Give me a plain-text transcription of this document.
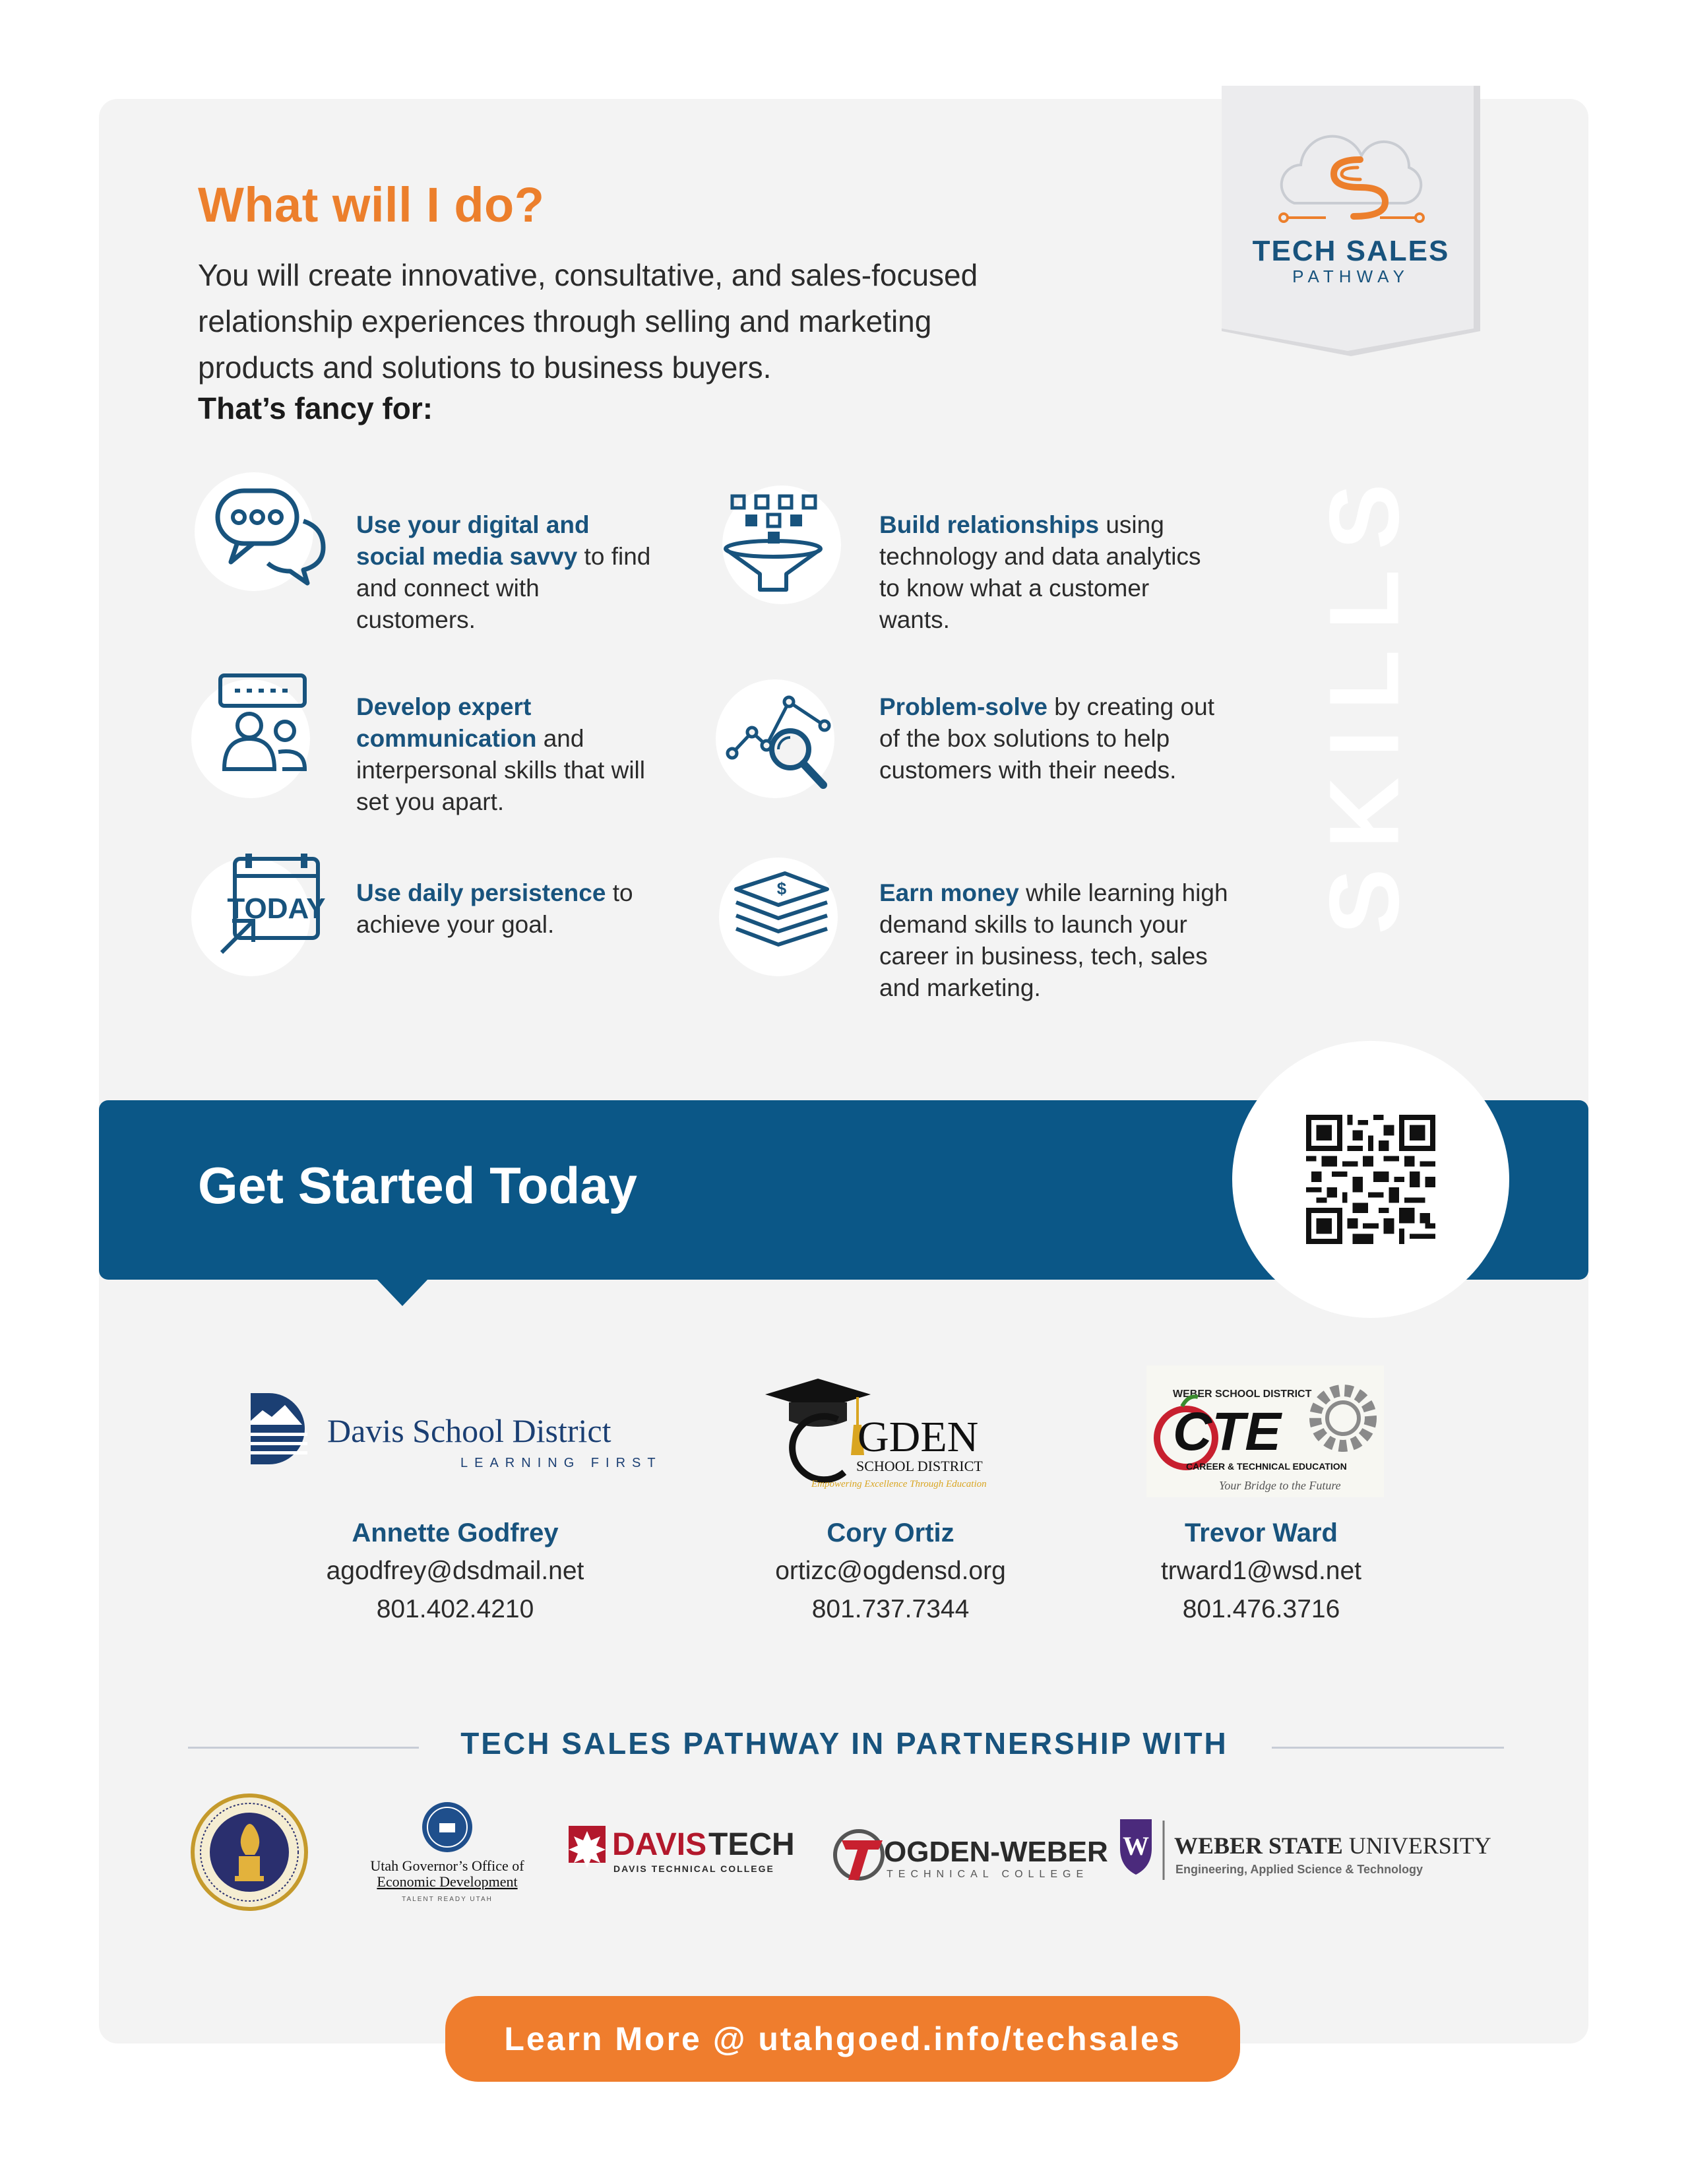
What will I do?
You will create innovative, consultative, and sales-focused relationship experiences through selling and marketing products and solutions to business buyers.
That’s fancy for:
TECH SALES
PATHWAY
SKILLS
Use your digital and social media savvy to find and connect with customers.
Build relationships using technology and data analytics to know what a customer wants.
Develop expert communication and interpersonal skills that will set you apart.
Problem-solve by creating out of the box solutions to help customers with their needs.
TODAY Use daily persistence to achieve your goal.
$	Earn money while learning high demand skills to launch your career in business, tech, sales and marketing.
Get Started Today
Davis School District
LEARNING FIRST
GDEN
SCHOOL DISTRICT
Empowering Excellence Through Education
WEBER SCHOOL DISTRICT
CTE
CAREER & TECHNICAL EDUCATION
Your Bridge to the Future
Annette Godfrey
agodfrey@dsdmail.net
801.402.4210
Cory Ortiz
ortizc@ogdensd.org
801.737.7344
Trevor Ward
trward1@wsd.net
801.476.3716
TECH SALES PATHWAY IN PARTNERSHIP WITH
Utah Governor’s Office of
Economic Development
TALENT READY UTAH
DAVIS TECH
DAVIS TECHNICAL COLLEGE
OGDEN-WEBER
TECHNICAL COLLEGE
W WEBER STATE UNIVERSITY
Engineering, Applied Science & Technology
Learn More @ utahgoed.info/techsales
